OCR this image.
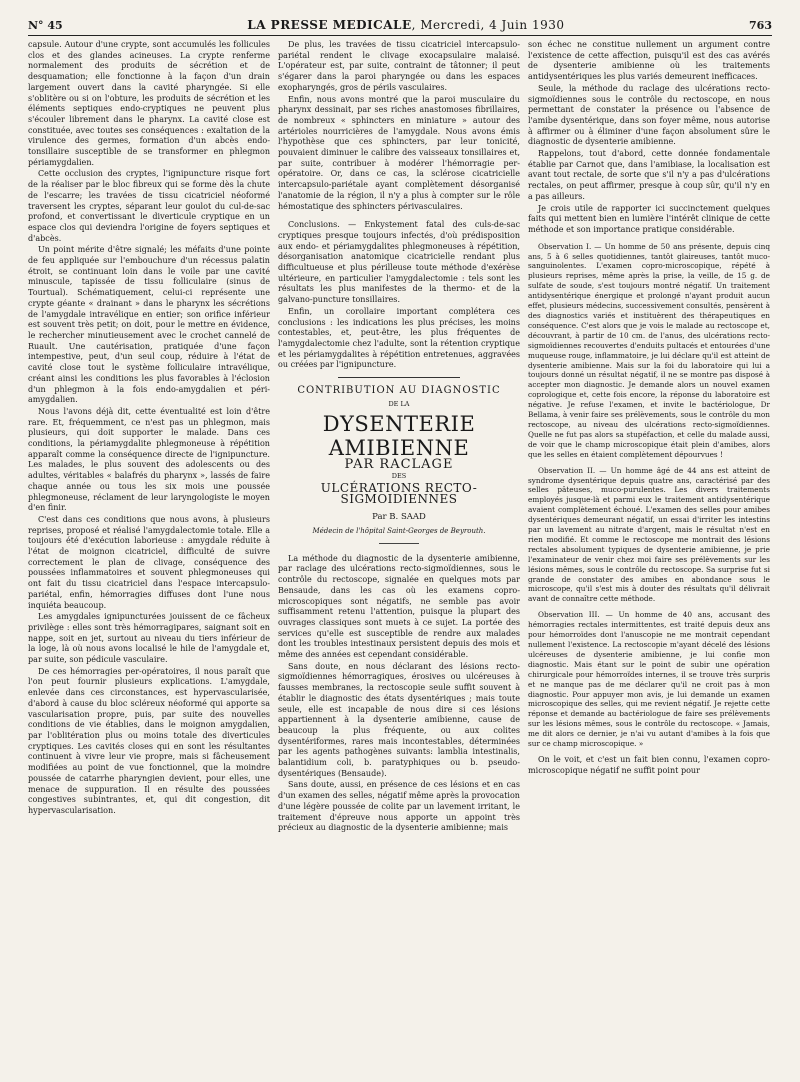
N° 45	LA PRESSE MEDICALE, Mercredi, 4 Juin 1930	763

capsule. Autour d'une crypte, sont accumulés les follicules clos et des glandes acineuses. La crypte renferme normalement des produits de sécrétion et de desquamation; elle fonctionne à la façon d'un drain largement ouvert dans la cavité pharyngée. Si elle s'oblitère ou si on l'obture, les produits de sécrétion et les éléments septiques endo-cryptiques ne peuvent plus s'écouler librement dans le pharynx. La cavité close est constituée, avec toutes ses conséquences : exaltation de la virulence des germes, formation d'un abcès endo-tonsillaire susceptible de se transformer en phlegmon périamygdalien.

Cette occlusion des cryptes, l'ignipuncture risque fort de la réaliser par le bloc fibreux qui se forme dès la chute de l'escarre; les travées de tissu cicatriciel néoformé traversent les cryptes, séparant leur goulot du cul-de-sac profond, et convertissant le diverticule cryptique en un espace clos qui deviendra l'origine de foyers septiques et d'abcès.

Un point mérite d'être signalé; les méfaits d'une pointe de feu appliquée sur l'embouchure d'un récessus palatin étroit, se continuant loin dans le voile par une cavité minuscule, tapissée de tissu folliculaire (sinus de Tourtual). Schématiquement, celui-ci représente une crypte géante « drainant » dans le pharynx les sécrétions de l'amygdale intravélique en entier; son orifice inférieur est souvent très petit; on doit, pour le mettre en évidence, le rechercher minutieusement avec le crochet cannelé de Ruault. Une cautérisation, pratiquée d'une façon intempestive, peut, d'un seul coup, réduire à l'état de cavité close tout le système folliculaire intravélique, créant ainsi les conditions les plus favorables à l'éclosion d'un phlegmon à la fois endo-amygdalien et péri-amygdalien.

Nous l'avons déjà dit, cette éventualité est loin d'être rare. Et, fréquemment, ce n'est pas un phlegmon, mais plusieurs, qui doit supporter le malade. Dans ces conditions, la périamygdalite phlegmoneuse à répétition apparaît comme la conséquence directe de l'ignipuncture. Les malades, le plus souvent des adolescents ou des adultes, véritables « balafrés du pharynx », lassés de faire chaque année ou tous les six mois une poussée phlegmoneuse, réclament de leur laryngologiste le moyen d'en finir.

C'est dans ces conditions que nous avons, à plusieurs reprises, proposé et réalisé l'amygdalectomie totale. Elle a toujours été d'exécution laborieuse : amygdale réduite à l'état de moignon cicatriciel, difficulté de suivre correctement le plan de clivage, conséquence des poussées inflammatoires et souvent phlegmoneuses qui ont fait du tissu cicatriciel dans l'espace intercapsulo-pariétal, enfin, hémorragies diffuses dont l'une nous inquiéta beaucoup.

Les amygdales ignipuncturées jouissent de ce fâcheux privilège : elles sont très hémorragipares, saignant soit en nappe, soit en jet, surtout au niveau du tiers inférieur de la loge, là où nous avons localisé le hile de l'amygdale et, par suite, son pédicule vasculaire.

De ces hémorragies per-opératoires, il nous paraît que l'on peut fournir plusieurs explications. L'amygdale, enlevée dans ces circonstances, est hypervascularisée, d'abord à cause du bloc scléreux néoformé qui apporte sa vascularisation propre, puis, par suite des nouvelles conditions de vie établies, dans le moignon amygdalien, par l'oblitération plus ou moins totale des diverticules cryptiques. Les cavités closes qui en sont les résultantes continuent à vivre leur vie propre, mais si fâcheusement modifiées au point de vue fonctionnel, que la moindre poussée de catarrhe pharyngien devient, pour elles, une menace de suppuration. Il en résulte des poussées congestives subintrantes, et, qui dit congestion, dit hypervascularisation.

De plus, les travées de tissu cicatriciel intercapsulo-pariétal rendent le clivage exocapsulaire malaisé. L'opérateur est, par suite, contraint de tâtonner; il peut s'égarer dans la paroi pharyngée ou dans les espaces exopharyngés, gros de périls vasculaires.

Enfin, nous avons montré que la paroi musculaire du pharynx dessinait, par ses riches anastomoses fibrillaires, de nombreux « sphincters en miniature » autour des artérioles nourricières de l'amygdale. Nous avons émis l'hypothèse que ces sphincters, par leur tonicité, pouvaient diminuer le calibre des vaisseaux tonsillaires et, par suite, contribuer à modérer l'hémorragie per-opératoire. Or, dans ce cas, la sclérose cicatricielle intercapsulo-pariétale ayant complètement désorganisé l'anatomie de la région, il n'y a plus à compter sur le rôle hémostatique des sphincters périvasculaires.

Conclusions. — Enkystement fatal des culs-de-sac cryptiques presque toujours infectés, d'où prédisposition aux endo- et périamygdalites phlegmoneuses à répétition, désorganisation anatomique cicatricielle rendant plus difficultueuse et plus périlleuse toute méthode d'exérèse ultérieure, en particulier l'amygdalectomie : tels sont les résultats les plus manifestes de la thermo- et de la galvano-puncture tonsillaires.

Enfin, un corollaire important complétera ces conclusions : les indications les plus précises, les moins contestables, et, peut-être, les plus fréquentes de l'amygdalectomie chez l'adulte, sont la rétention cryptique et les périamygdalites à répétition entretenues, aggravées ou créées par l'ignipuncture.

CONTRIBUTION AU DIAGNOSTIC
DE LA
DYSENTERIE AMIBIENNE
PAR RACLAGE
DES
ULCÉRATIONS RECTO-SIGMOIDIENNES
Par B. SAAD
Médecin de l'hôpital Saint-Georges de Beyrouth.

La méthode du diagnostic de la dysenterie amibienne, par raclage des ulcérations recto-sigmoïdiennes, sous le contrôle du rectoscope, signalée en quelques mots par Bensaude, dans les cas où les examens copro-microscopiques sont négatifs, ne semble pas avoir suffisamment retenu l'attention, puisque la plupart des ouvrages classiques sont muets à ce sujet. La portée des services qu'elle est susceptible de rendre aux malades dont les troubles intestinaux persistent depuis des mois et même des années est cependant considérable.

Sans doute, en nous déclarant des lésions recto-sigmoïdiennes hémorragiques, érosives ou ulcéreuses à fausses membranes, la rectoscopie seule suffit souvent à établir le diagnostic des états dysentériques ; mais toute seule, elle est incapable de nous dire si ces lésions appartiennent à la dysenterie amibienne, cause de beaucoup la plus fréquente, ou aux colites dysentériformes, rares mais incontestables, déterminées par les agents pathogènes suivants: lamblia intestinalis, balantidium coli, b. paratyphiques ou b. pseudo-dysentériques (Bensaude).

Sans doute, aussi, en présence de ces lésions et en cas d'un examen des selles, négatif même après la provocation d'une légère poussée de colite par un lavement irritant, le traitement d'épreuve nous apporte un appoint très précieux au diagnostic de la dysenterie amibienne; mais

son échec ne constitue nullement un argument contre l'existence de cette affection, puisqu'il est des cas avérés de dysenterie amibienne où les traitements antidysentériques les plus variés demeurent inefficaces.

Seule, la méthode du raclage des ulcérations recto-sigmoïdiennes sous le contrôle du rectoscope, en nous permettant de constater la présence ou l'absence de l'amibe dysentérique, dans son foyer même, nous autorise à affirmer ou à éliminer d'une façon absolument sûre le diagnostic de dysenterie amibienne.

Rappelons, tout d'abord, cette donnée fondamentale établie par Carnot que, dans l'amibiase, la localisation est avant tout rectale, de sorte que s'il n'y a pas d'ulcérations rectales, on peut affirmer, presque à coup sûr, qu'il n'y en a pas ailleurs.

Je crois utile de rapporter ici succinctement quelques faits qui mettent bien en lumière l'intérêt clinique de cette méthode et son importance pratique considérable.

Observation I. — Un homme de 50 ans présente, depuis cinq ans, 5 à 6 selles quotidiennes, tantôt glaireuses, tantôt muco-sanguinolentes. L'examen copro-microscopique, répété à plusieurs reprises, même après la prise, la veille, de 15 g. de sulfate de soude, s'est toujours montré négatif. Un traitement antidysentérique énergique et prolongé n'ayant produit aucun effet, plusieurs médecins, successivement consultés, pensèrent à des diagnostics variés et instituèrent des thérapeutiques en conséquence. C'est alors que je vois le malade au rectoscope et, découvrant, à partir de 10 cm. de l'anus, des ulcérations recto-sigmoïdiennes recouvertes d'enduits pultacés et entourées d'une muqueuse rouge, inflammatoire, je lui déclare qu'il est atteint de dysenterie amibienne. Mais sur la foi du laboratoire qui lui a toujours donné un résultat négatif, il ne se montre pas disposé à accepter mon diagnostic. Je demande alors un nouvel examen coprologique et, cette fois encore, la réponse du laboratoire est négative. Je refuse l'examen, et invite le bactériologue, Dr Bellama, à venir faire ses prélèvements, sous le contrôle du mon rectoscope, au niveau des ulcérations recto-sigmoïdiennes. Quelle ne fut pas alors sa stupéfaction, et celle du malade aussi, de voir que le champ microscopique était plein d'amibes, alors que les selles en étaient complètement dépourvues !

Observation II. — Un homme âgé de 44 ans est atteint de syndrome dysentérique depuis quatre ans, caractérisé par des selles pâteuses, muco-purulentes. Les divers traitements employés jusque-là et parmi eux le traitement antidysentérique avaient complètement échoué. L'examen des selles pour amibes dysentériques demeurant négatif, un essai d'irriter les intestins par un lavement au nitrate d'argent, mais le résultat n'est en rien modifié. Et comme le rectoscope me montrait des lésions rectales absolument typiques de dysenterie amibienne, je prie l'examinateur de venir chez moi faire ses prélèvements sur les lésions mêmes, sous le contrôle du rectoscope. Sa surprise fut si grande de constater des amibes en abondance sous le microscope, qu'il s'est mis à douter des résultats qu'il délivrait avant de connaître cette méthode.

Observation III. — Un homme de 40 ans, accusant des hémorragies rectales intermittentes, est traité depuis deux ans pour hémorroïdes dont l'anuscopie ne me montrait cependant nullement l'existence. La rectoscopie m'ayant décelé des lésions ulcéreuses de dysenterie amibienne, je lui confie mon diagnostic. Mais étant sur le point de subir une opération chirurgicale pour hémorroïdes internes, il se trouve très surpris et ne manque pas de me déclarer qu'il ne croit pas à mon diagnostic. Pour appuyer mon avis, je lui demande un examen microscopique des selles, qui me revient négatif. Je rejette cette réponse et demande au bactériologue de faire ses prélèvements sur les lésions mêmes, sous le contrôle du rectoscope. « Jamais, me dit alors ce dernier, je n'ai vu autant d'amibes à la fois que sur ce champ microscopique. »

On le voit, et c'est un fait bien connu, l'examen copro-microscopique négatif ne suffit point pour
